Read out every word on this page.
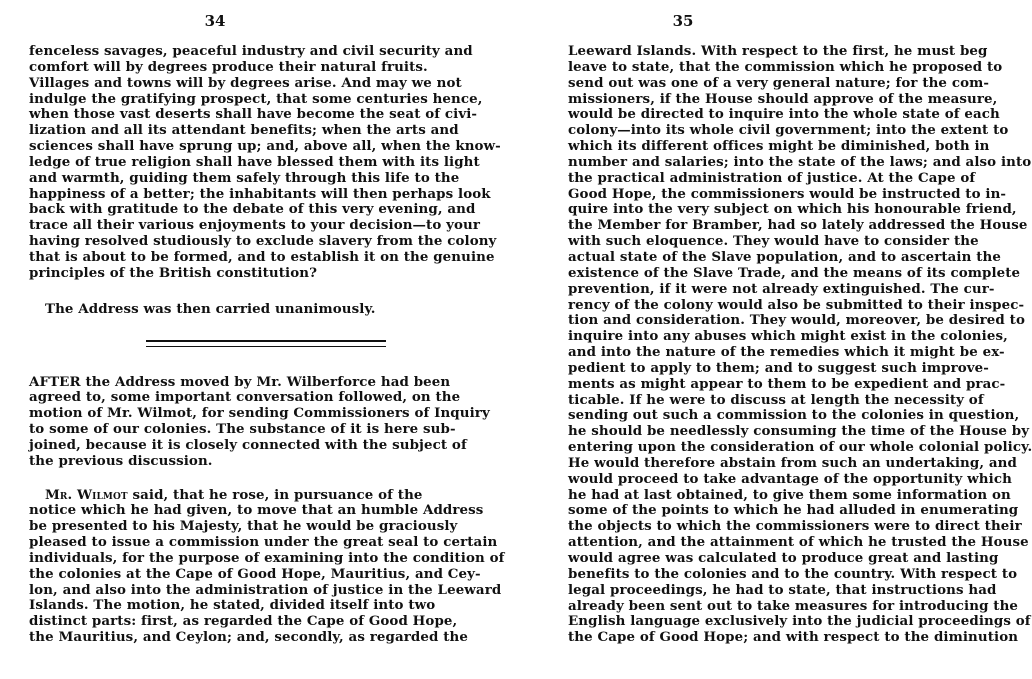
34
fenceless savages, peaceful industry and civil security and
comfort will by degrees produce their natural fruits.
Villages and towns will by degrees arise. And may we not
indulge the gratifying prospect, that some centuries hence,
when those vast deserts shall have become the seat of civi-
lization and all its attendant benefits; when the arts and
sciences shall have sprung up; and, above all, when the know-
ledge of true religion shall have blessed them with its light
and warmth, guiding them safely through this life to the
happiness of a better; the inhabitants will then perhaps look
back with gratitude to the debate of this very evening, and
trace all their various enjoyments to your decision—to your
having resolved studiously to exclude slavery from the colony
that is about to be formed, and to establish it on the genuine
principles of the British constitution?
The Address was then carried unanimously.
AFTER the Address moved by Mr. Wilberforce had been
agreed to, some important conversation followed, on the
motion of Mr. Wilmot, for sending Commissioners of Inquiry
to some of our colonies. The substance of it is here sub-
joined, because it is closely connected with the subject of
the previous discussion.
Mr. Wilmot said, that he rose, in pursuance of the
notice which he had given, to move that an humble Address
be presented to his Majesty, that he would be graciously
pleased to issue a commission under the great seal to certain
individuals, for the purpose of examining into the condition of
the colonies at the Cape of Good Hope, Mauritius, and Cey-
lon, and also into the administration of justice in the Leeward
Islands. The motion, he stated, divided itself into two
distinct parts: first, as regarded the Cape of Good Hope,
the Mauritius, and Ceylon; and, secondly, as regarded the
35
Leeward Islands. With respect to the first, he must beg
leave to state, that the commission which he proposed to
send out was one of a very general nature; for the com-
missioners, if the House should approve of the measure,
would be directed to inquire into the whole state of each
colony—into its whole civil government; into the extent to
which its different offices might be diminished, both in
number and salaries; into the state of the laws; and also into
the practical administration of justice. At the Cape of
Good Hope, the commissioners would be instructed to in-
quire into the very subject on which his honourable friend,
the Member for Bramber, had so lately addressed the House
with such eloquence. They would have to consider the
actual state of the Slave population, and to ascertain the
existence of the Slave Trade, and the means of its complete
prevention, if it were not already extinguished. The cur-
rency of the colony would also be submitted to their inspec-
tion and consideration. They would, moreover, be desired to
inquire into any abuses which might exist in the colonies,
and into the nature of the remedies which it might be ex-
pedient to apply to them; and to suggest such improve-
ments as might appear to them to be expedient and prac-
ticable. If he were to discuss at length the necessity of
sending out such a commission to the colonies in question,
he should be needlessly consuming the time of the House by
entering upon the consideration of our whole colonial policy.
He would therefore abstain from such an undertaking, and
would proceed to take advantage of the opportunity which
he had at last obtained, to give them some information on
some of the points to which he had alluded in enumerating
the objects to which the commissioners were to direct their
attention, and the attainment of which he trusted the House
would agree was calculated to produce great and lasting
benefits to the colonies and to the country. With respect to
legal proceedings, he had to state, that instructions had
already been sent out to take measures for introducing the
English language exclusively into the judicial proceedings of
the Cape of Good Hope; and with respect to the diminution
